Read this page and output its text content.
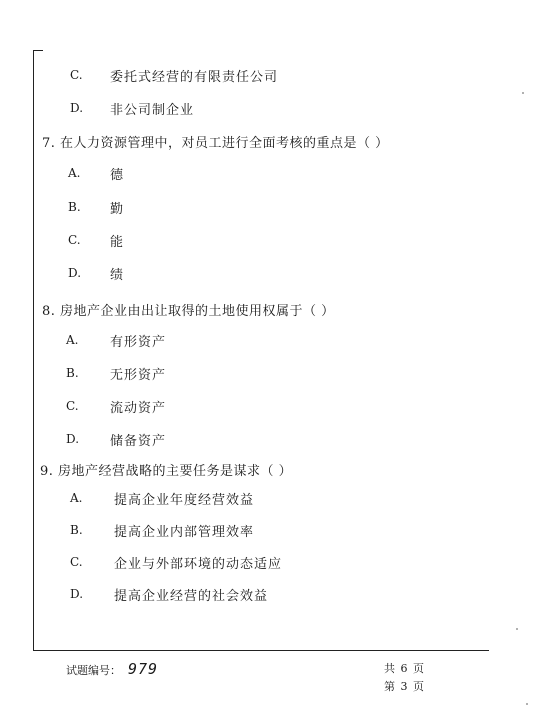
C. 委托式经营的有限责任公司
D. 非公司制企业
7. 在人力资源管理中，对员工进行全面考核的重点是（ ）
A. 德
B. 勤
C. 能
D. 绩
8. 房地产企业由出让取得的土地使用权属于（ ）
A. 有形资产
B. 无形资产
C. 流动资产
D. 储备资产
9. 房地产经营战略的主要任务是谋求（ ）
A. 提高企业年度经营效益
B. 提高企业内部管理效率
C. 企业与外部环境的动态适应
D. 提高企业经营的社会效益
试题编号： 979	共 6 页
第 3 页
